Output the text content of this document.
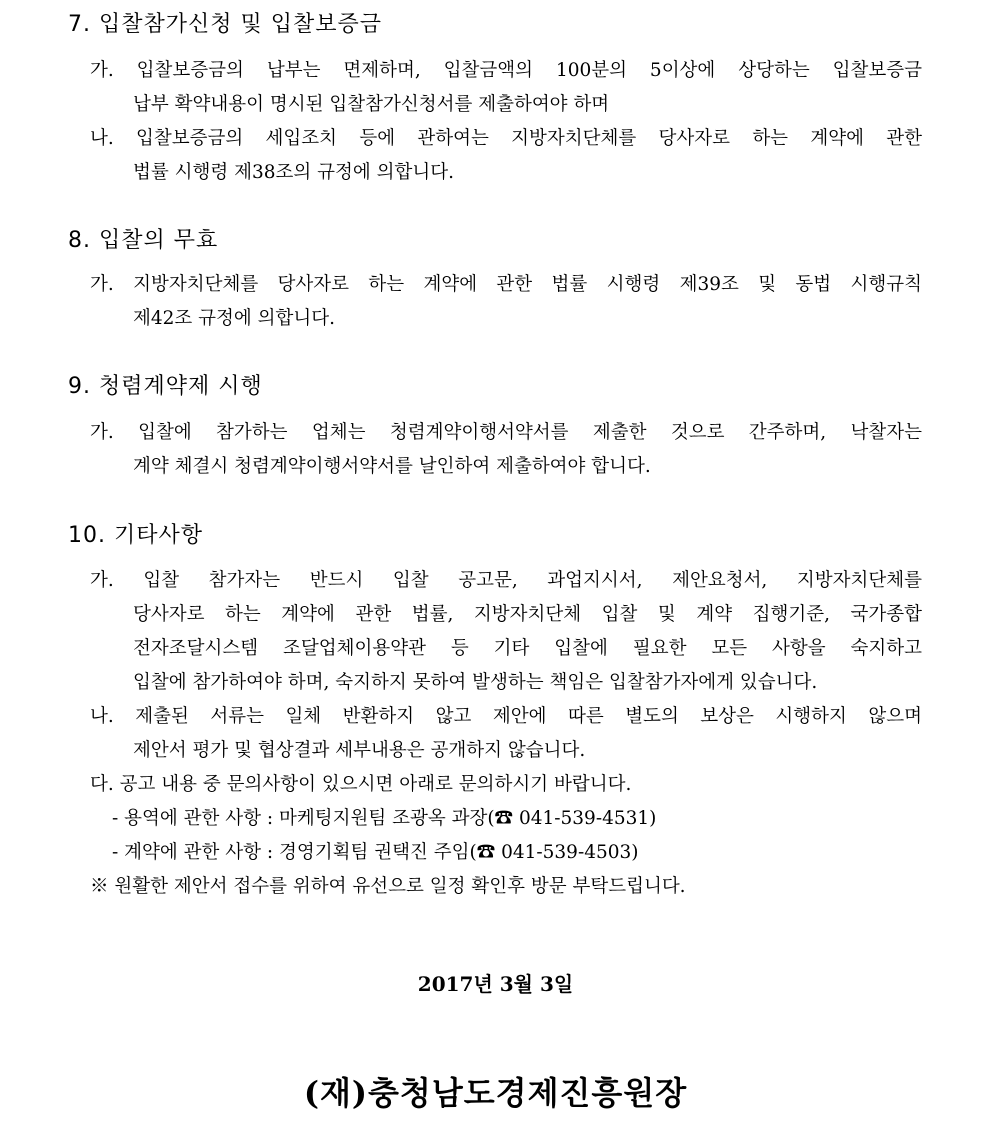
7. 입찰참가신청 및 입찰보증금
가. 입찰보증금의 납부는 면제하며, 입찰금액의 100분의 5이상에 상당하는 입찰보증금
납부 확약내용이 명시된 입찰참가신청서를 제출하여야 하며
나. 입찰보증금의 세입조치 등에 관하여는 지방자치단체를 당사자로 하는 계약에 관한
법률 시행령 제38조의 규정에 의합니다.
8. 입찰의 무효
가. 지방자치단체를 당사자로 하는 계약에 관한 법률 시행령 제39조 및 동법 시행규칙
제42조 규정에 의합니다.
9. 청렴계약제 시행
가. 입찰에 참가하는 업체는 청렴계약이행서약서를 제출한 것으로 간주하며, 낙찰자는
계약 체결시 청렴계약이행서약서를 날인하여 제출하여야 합니다.
10. 기타사항
가. 입찰 참가자는 반드시 입찰 공고문, 과업지시서, 제안요청서, 지방자치단체를
당사자로 하는 계약에 관한 법률, 지방자치단체 입찰 및 계약 집행기준, 국가종합
전자조달시스템 조달업체이용약관 등 기타 입찰에 필요한 모든 사항을 숙지하고
입찰에 참가하여야 하며, 숙지하지 못하여 발생하는 책임은 입찰참가자에게 있습니다.
나. 제출된 서류는 일체 반환하지 않고 제안에 따른 별도의 보상은 시행하지 않으며
제안서 평가 및 협상결과 세부내용은 공개하지 않습니다.
다. 공고 내용 중 문의사항이 있으시면 아래로 문의하시기 바랍니다.
- 용역에 관한 사항 : 마케팅지원팀 조광옥 과장(☎ 041-539-4531)
- 계약에 관한 사항 : 경영기획팀 권택진 주임(☎ 041-539-4503)
※ 원활한 제안서 접수를 위하여 유선으로 일정 확인후 방문 부탁드립니다.
2017년 3월 3일
(재)충청남도경제진흥원장
